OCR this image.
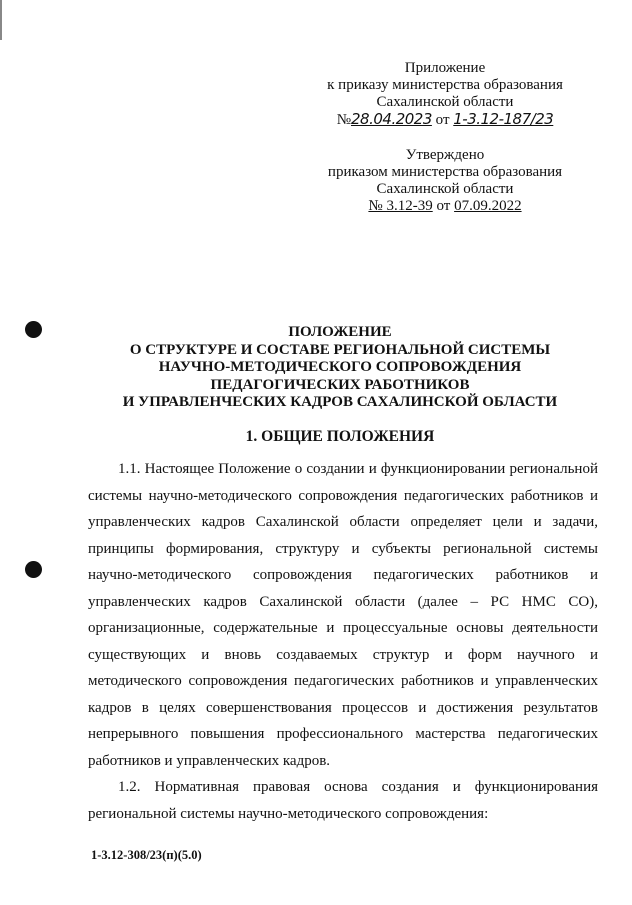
Приложение
к приказу министерства образования
Сахалинской области
№28.04.2023 от 1-3.12-187/23
Утверждено
приказом министерства образования
Сахалинской области
№ 3.12-39 от 07.09.2022
ПОЛОЖЕНИЕ
О СТРУКТУРЕ И СОСТАВЕ РЕГИОНАЛЬНОЙ СИСТЕМЫ
НАУЧНО-МЕТОДИЧЕСКОГО СОПРОВОЖДЕНИЯ
ПЕДАГОГИЧЕСКИХ РАБОТНИКОВ
И УПРАВЛЕНЧЕСКИХ КАДРОВ САХАЛИНСКОЙ ОБЛАСТИ
1. ОБЩИЕ ПОЛОЖЕНИЯ

1.1. Настоящее Положение о создании и функционировании региональной системы научно-методического сопровождения педагогических работников и управленческих кадров Сахалинской области определяет цели и задачи, принципы формирования, структуру и субъекты региональной системы научно-методического сопровождения педагогических работников и управленческих кадров Сахалинской области (далее – РС НМС СО), организационные, содержательные и процессуальные основы деятельности существующих и вновь создаваемых структур и форм научного и методического сопровождения педагогических работников и управленческих кадров в целях совершенствования процессов и достижения результатов непрерывного повышения профессионального мастерства педагогических работников и управленческих кадров.

1.2. Нормативная правовая основа создания и функционирования региональной системы научно-методического сопровождения:

1-3.12-308/23(п)(5.0)
